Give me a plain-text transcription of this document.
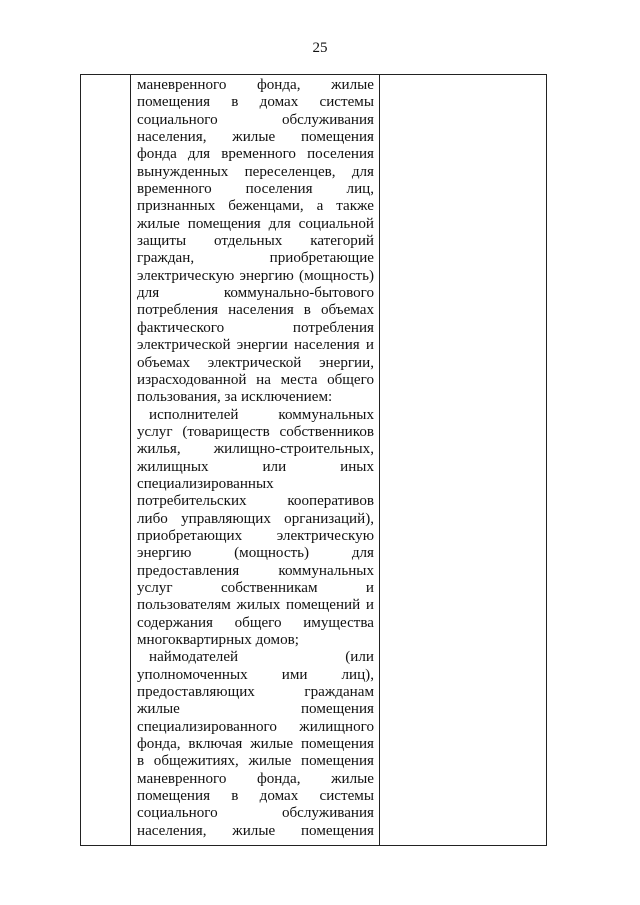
25
маневренного фонда, жилые
помещения в домах системы
социального обслуживания
населения, жилые помещения
фонда для временного поселения
вынужденных переселенцев, для
временного поселения лиц,
признанных беженцами, а также
жилые помещения для социальной
защиты отдельных категорий
граждан, приобретающие
электрическую энергию (мощность)
для коммунально-бытового
потребления населения в объемах
фактического потребления
электрической энергии населения и
объемах электрической энергии,
израсходованной на места общего
пользования, за исключением:
исполнителей коммунальных
услуг (товариществ собственников
жилья, жилищно-строительных,
жилищных или иных
специализированных
потребительских кооперативов
либо управляющих организаций),
приобретающих электрическую
энергию (мощность) для
предоставления коммунальных
услуг собственникам и
пользователям жилых помещений и
содержания общего имущества
многоквартирных домов;
наймодателей (или
уполномоченных ими лиц),
предоставляющих гражданам
жилые помещения
специализированного жилищного
фонда, включая жилые помещения
в общежитиях, жилые помещения
маневренного фонда, жилые
помещения в домах системы
социального обслуживания
населения, жилые помещения
